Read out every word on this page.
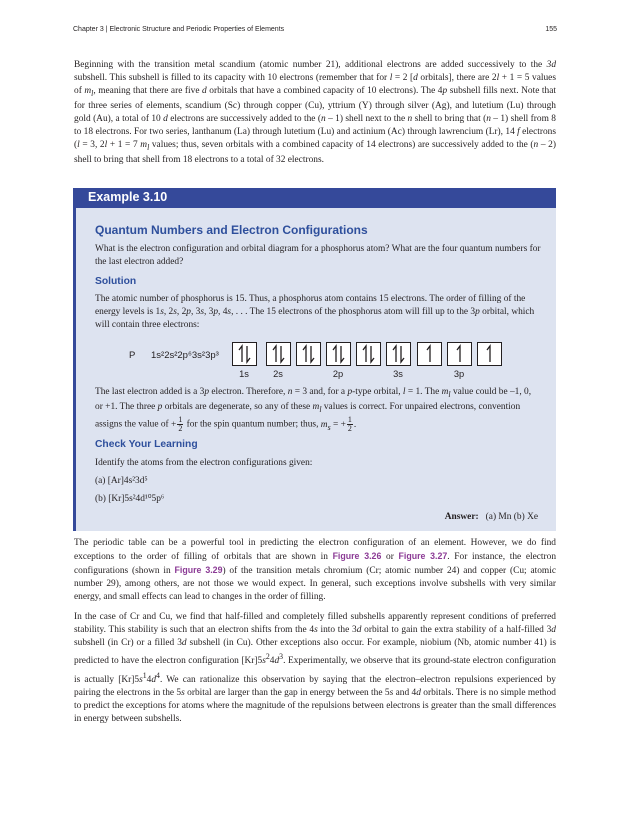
Chapter 3 | Electronic Structure and Periodic Properties of Elements	155

Beginning with the transition metal scandium (atomic number 21), additional electrons are added successively to the 3d subshell. This subshell is filled to its capacity with 10 electrons (remember that for l = 2 [d orbitals], there are 2l + 1 = 5 values of $m_l$, meaning that there are five d orbitals that have a combined capacity of 10 electrons). The 4p subshell fills next. Note that for three series of elements, scandium (Sc) through copper (Cu), yttrium (Y) through silver (Ag), and lutetium (Lu) through gold (Au), a total of 10 d electrons are successively added to the (n – 1) shell next to the n shell to bring that (n – 1) shell from 8 to 18 electrons. For two series, lanthanum (La) through lutetium (Lu) and actinium (Ac) through lawrencium (Lr), 14 f electrons (l = 3, 2l + 1 = 7 $m_l$ values; thus, seven orbitals with a combined capacity of 14 electrons) are successively added to the (n – 2) shell to bring that shell from 18 electrons to a total of 32 electrons.

Example 3.10
Quantum Numbers and Electron Configurations

What is the electron configuration and orbital diagram for a phosphorus atom? What are the four quantum numbers for the last electron added?

Solution

The atomic number of phosphorus is 15. Thus, a phosphorus atom contains 15 electrons. The order of filling of the energy levels is 1s, 2s, 2p, 3s, 3p, 4s, . . . The 15 electrons of the phosphorus atom will fill up to the 3p orbital, which will contain three electrons:

P 1s²2s²2p⁶3s²3p³
1s	2s	2p	3s	3p

The last electron added is a 3p electron. Therefore, n = 3 and, for a p-type orbital, l = 1. The $m_l$ value could be –1, 0, or +1. The three p orbitals are degenerate, so any of these $m_l$ values is correct. For unpaired electrons, convention assigns the value of + $\frac{1}{2}$ for the spin quantum number; thus, $m_s$ = + $\frac{1}{2}$ .

Check Your Learning

Identify the atoms from the electron configurations given:

(a) [Ar]4s²3d⁵

(b) [Kr]5s²4d¹⁰5p⁶

Answer: (a) Mn (b) Xe

The periodic table can be a powerful tool in predicting the electron configuration of an element. However, we do find exceptions to the order of filling of orbitals that are shown in Figure 3.26 or Figure 3.27. For instance, the electron configurations (shown in Figure 3.29) of the transition metals chromium (Cr; atomic number 24) and copper (Cu; atomic number 29), among others, are not those we would expect. In general, such exceptions involve subshells with very similar energy, and small effects can lead to changes in the order of filling.

In the case of Cr and Cu, we find that half-filled and completely filled subshells apparently represent conditions of preferred stability. This stability is such that an electron shifts from the 4s into the 3d orbital to gain the extra stability of a half-filled 3d subshell (in Cr) or a filled 3d subshell (in Cu). Other exceptions also occur. For example, niobium (Nb, atomic number 41) is predicted to have the electron configuration $[Kr]5s^24d^3$. Experimentally, we observe that its ground-state electron configuration is actually $[Kr]5s^14d^4$. We can rationalize this observation by saying that the electron–electron repulsions experienced by pairing the electrons in the 5s orbital are larger than the gap in energy between the 5s and 4d orbitals. There is no simple method to predict the exceptions for atoms where the magnitude of the repulsions between electrons is greater than the small differences in energy between subshells.
